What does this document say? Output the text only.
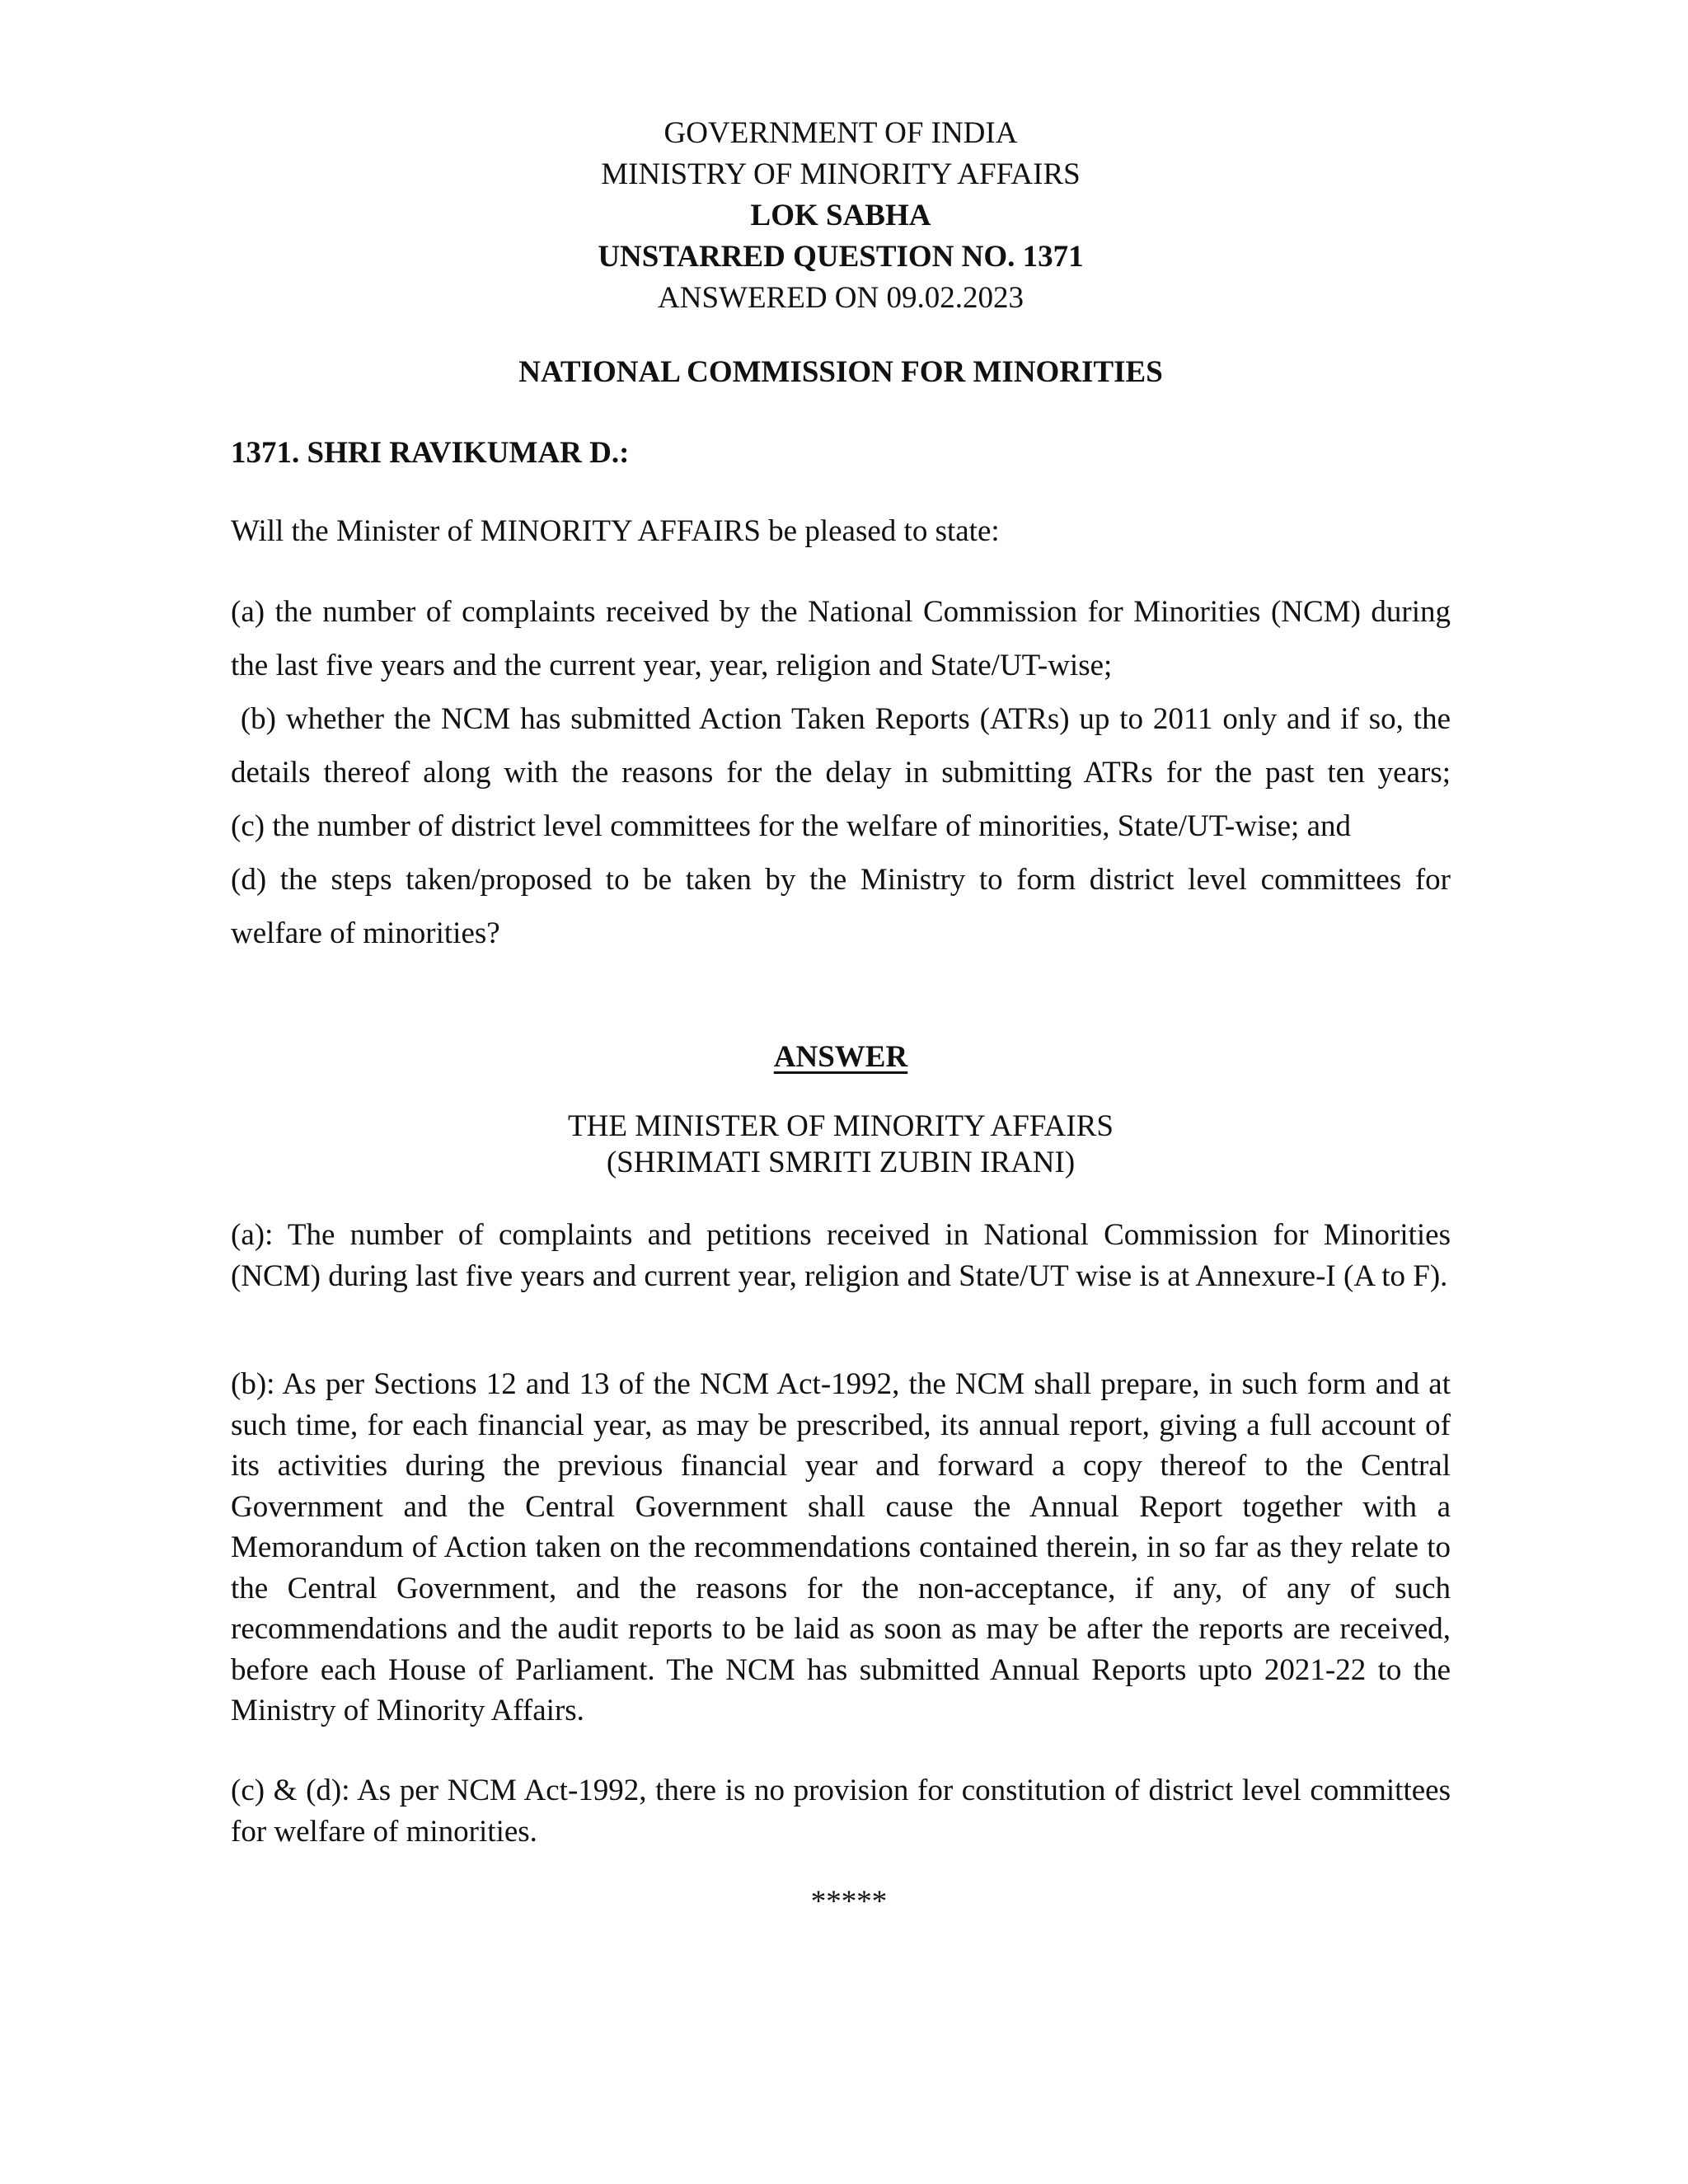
GOVERNMENT OF INDIA
MINISTRY OF MINORITY AFFAIRS
LOK SABHA
UNSTARRED QUESTION NO. 1371
ANSWERED ON 09.02.2023
NATIONAL COMMISSION FOR MINORITIES
1371. SHRI RAVIKUMAR D.:
Will the Minister of MINORITY AFFAIRS be pleased to state:
(a) the number of complaints received by the National Commission for Minorities (NCM) during
the last five years and the current year, year, religion and State/UT-wise;
(b) whether the NCM has submitted Action Taken Reports (ATRs) up to 2011 only and if so, the
details thereof along with the reasons for the delay in submitting ATRs for the past ten years;
(c) the number of district level committees for the welfare of minorities, State/UT-wise; and
(d) the steps taken/proposed to be taken by the Ministry to form district level committees for
welfare of minorities?
ANSWER
THE MINISTER OF MINORITY AFFAIRS
(SHRIMATI SMRITI ZUBIN IRANI)
(a): The number of complaints and petitions received in National Commission for Minorities (NCM) during last five years and current year, religion and State/UT wise is at Annexure-I (A to F).
(b): As per Sections 12 and 13 of the NCM Act-1992, the NCM shall prepare, in such form and at such time, for each financial year, as may be prescribed, its annual report, giving a full account of its activities during the previous financial year and forward a copy thereof to the Central Government and the Central Government shall cause the Annual Report together with a Memorandum of Action taken on the recommendations contained therein, in so far as they relate to the Central Government, and the reasons for the non-acceptance, if any, of any of such recommendations and the audit reports to be laid as soon as may be after the reports are received, before each House of Parliament. The NCM has submitted Annual Reports upto 2021-22 to the Ministry of Minority Affairs.
(c) & (d): As per NCM Act-1992, there is no provision for constitution of district level committees for welfare of minorities.
*****
